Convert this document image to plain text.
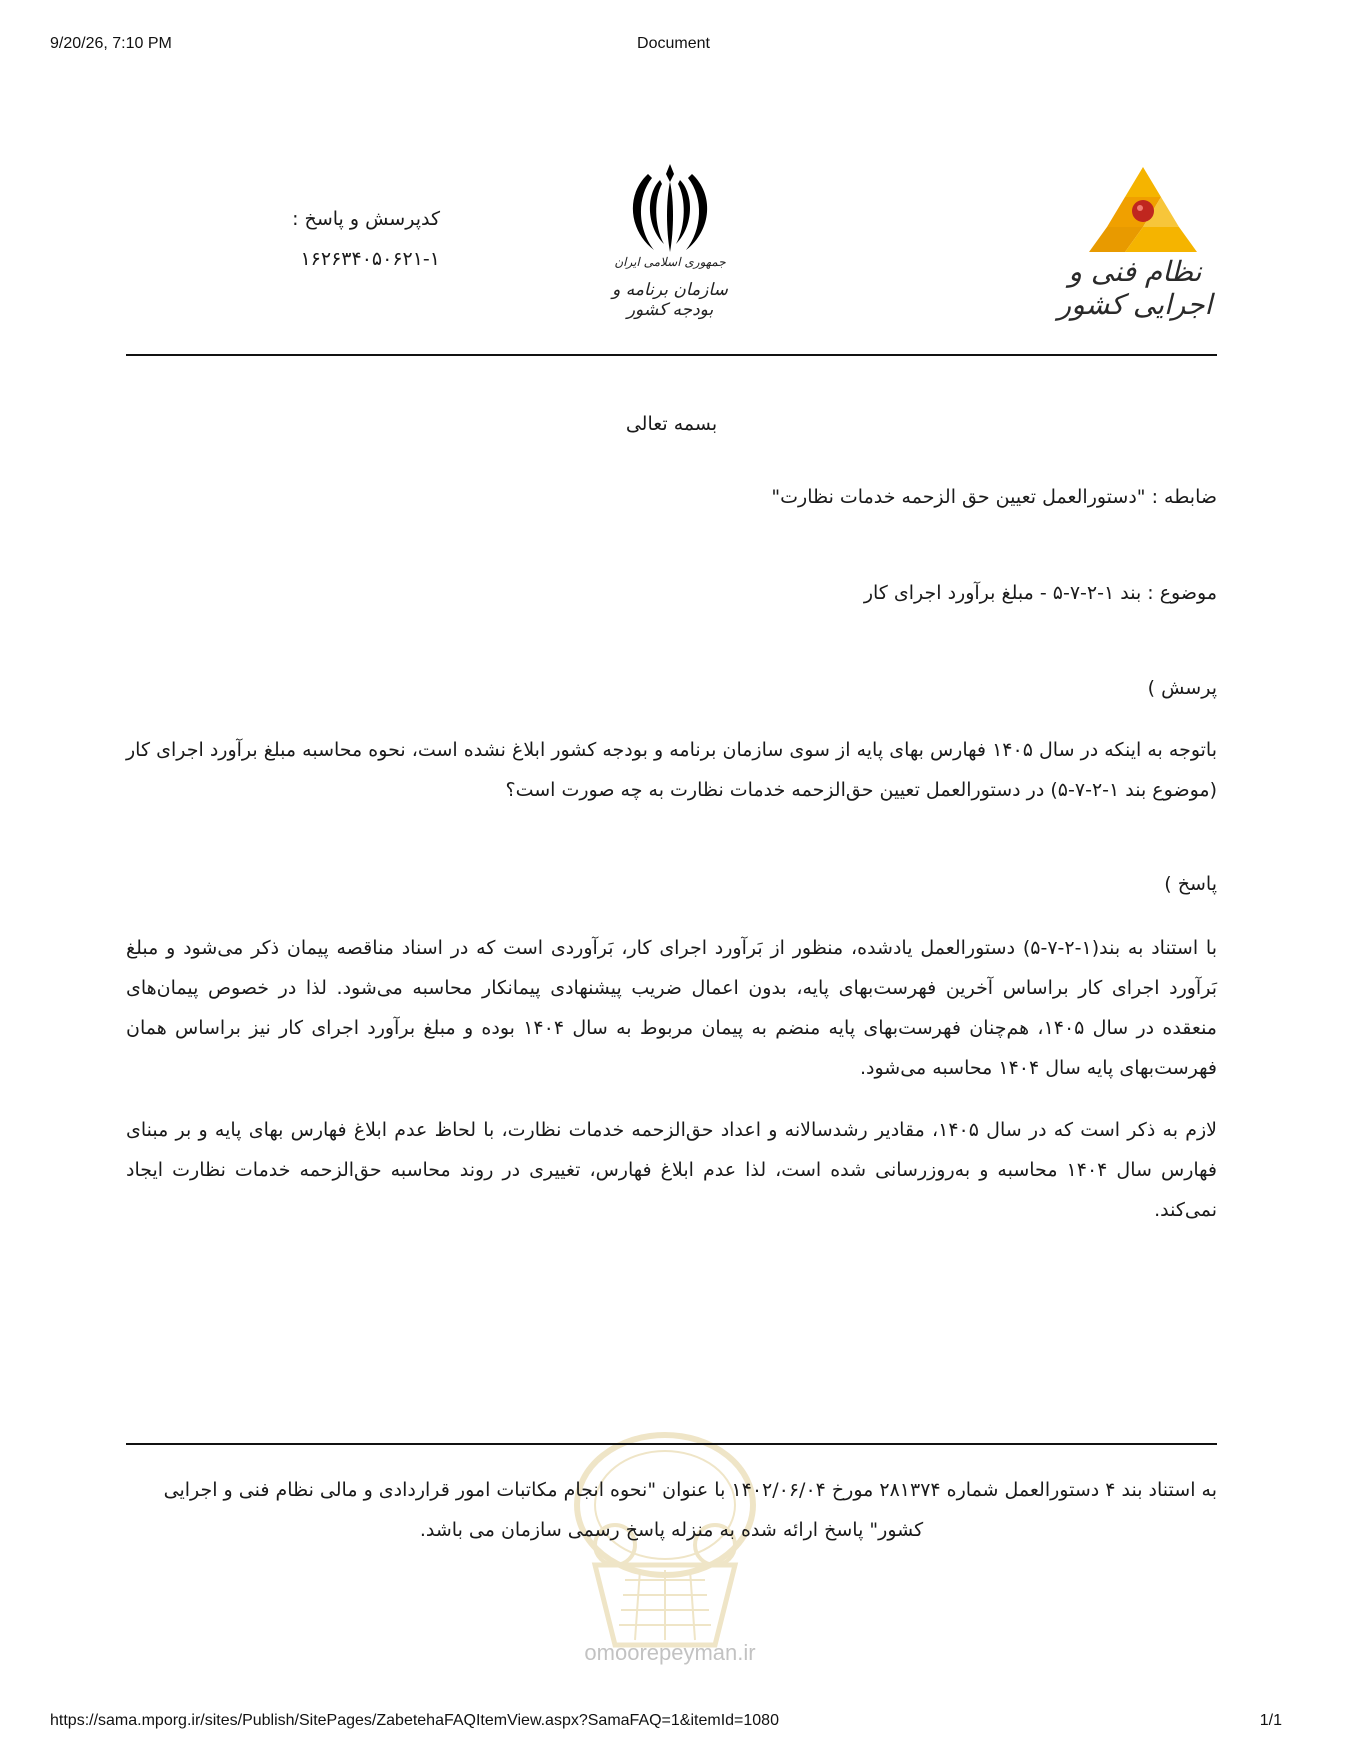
9/20/26, 7:10 PM	Document
نظام فنی و اجرایی کشور
جمهوری اسلامی ایران
سازمان برنامه و بودجه کشور
کدپرسش و پاسخ :
۱۶۲۶۳۴۰۵۰۶۲۱-۱
omoorepeyman.ir
بسمه تعالی
ضابطه : "دستورالعمل تعیین حق الزحمه خدمات نظارت"
موضوع : بند ۱-۲-۷-۵ - مبلغ برآورد اجرای کار
پرسش )
باتوجه به اینکه در سال ۱۴۰۵ فهارس بهای پایه از سوی سازمان برنامه و بودجه کشور ابلاغ نشده است، نحوه محاسبه مبلغ برآورد اجرای کار (موضوع بند ۱-۲-۷-۵) در دستورالعمل تعیین حق‌الزحمه خدمات نظارت به چه صورت است؟
پاسخ )
با استناد به بند(۱-۲-۷-۵) دستورالعمل یادشده، منظور از بَرآورد اجرای کار، بَرآوردی است که در اسناد مناقصه پیمان ذکر می‌شود و مبلغ بَرآورد اجرای کار براساس آخرین فهرست‌بهای پایه، بدون اعمال ضریب پیشنهادی پیمانکار محاسبه می‌شود. لذا در خصوص پیمان‌های منعقده در سال ۱۴۰۵، هم‌چنان فهرست‌بهای پایه منضم به پیمان مربوط به سال ۱۴۰۴ بوده و مبلغ برآورد اجرای کار نیز براساس همان فهرست‌بهای پایه سال ۱۴۰۴ محاسبه می‌شود.
لازم به ذکر است که در سال ۱۴۰۵، مقادیر رشدسالانه و اعداد حق‌الزحمه خدمات نظارت، با لحاظ عدم ابلاغ فهارس بهای پایه و بر مبنای فهارس سال ۱۴۰۴ محاسبه و به‌روزرسانی شده است، لذا عدم ابلاغ فهارس، تغییری در روند محاسبه حق‌الزحمه خدمات نظارت ایجاد نمی‌کند.
به استناد بند ۴ دستورالعمل شماره ۲۸۱۳۷۴ مورخ ۱۴۰۲/۰۶/۰۴ با عنوان "نحوه انجام مکاتبات امور قراردادی و مالی نظام فنی و اجرایی
کشور" پاسخ ارائه شده به منزله پاسخ رسمی سازمان می باشد.
https://sama.mporg.ir/sites/Publish/SitePages/ZabetehaFAQItemView.aspx?SamaFAQ=1&itemId=1080	1/1
